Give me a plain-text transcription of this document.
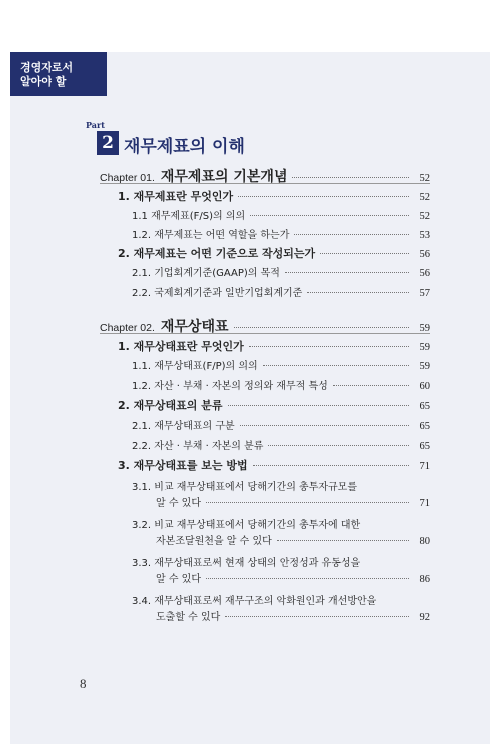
경영자로서
알아야 할
Part
2 재무제표의 이해
Chapter 01. 재무제표의 기본개념	52
1. 재무제표란 무엇인가	52
1.1 재무제표(F/S)의 의의	52
1.2. 재무제표는 어떤 역할을 하는가	53
2. 재무제표는 어떤 기준으로 작성되는가	56
2.1. 기업회계기준(GAAP)의 목적	56
2.2. 국제회계기준과 일반기업회계기준	57
Chapter 02. 재무상태표	59
1. 재무상태표란 무엇인가	59
1.1. 재무상태표(F/P)의 의의	59
1.2. 자산 · 부채 · 자본의 정의와 재무적 특성	60
2. 재무상태표의 분류	65
2.1. 재무상태표의 구분	65
2.2. 자산 · 부채 · 자본의 분류	65
3. 재무상태표를 보는 방법	71
3.1. 비교 재무상태표에서 당해기간의 총투자규모를
알 수 있다	71
3.2. 비교 재무상태표에서 당해기간의 총투자에 대한
자본조달원천을 알 수 있다	80
3.3. 재무상태표로써 현재 상태의 안정성과 유동성을
알 수 있다	86
3.4. 재무상태표로써 재무구조의 악화원인과 개선방안을
도출할 수 있다	92
8
